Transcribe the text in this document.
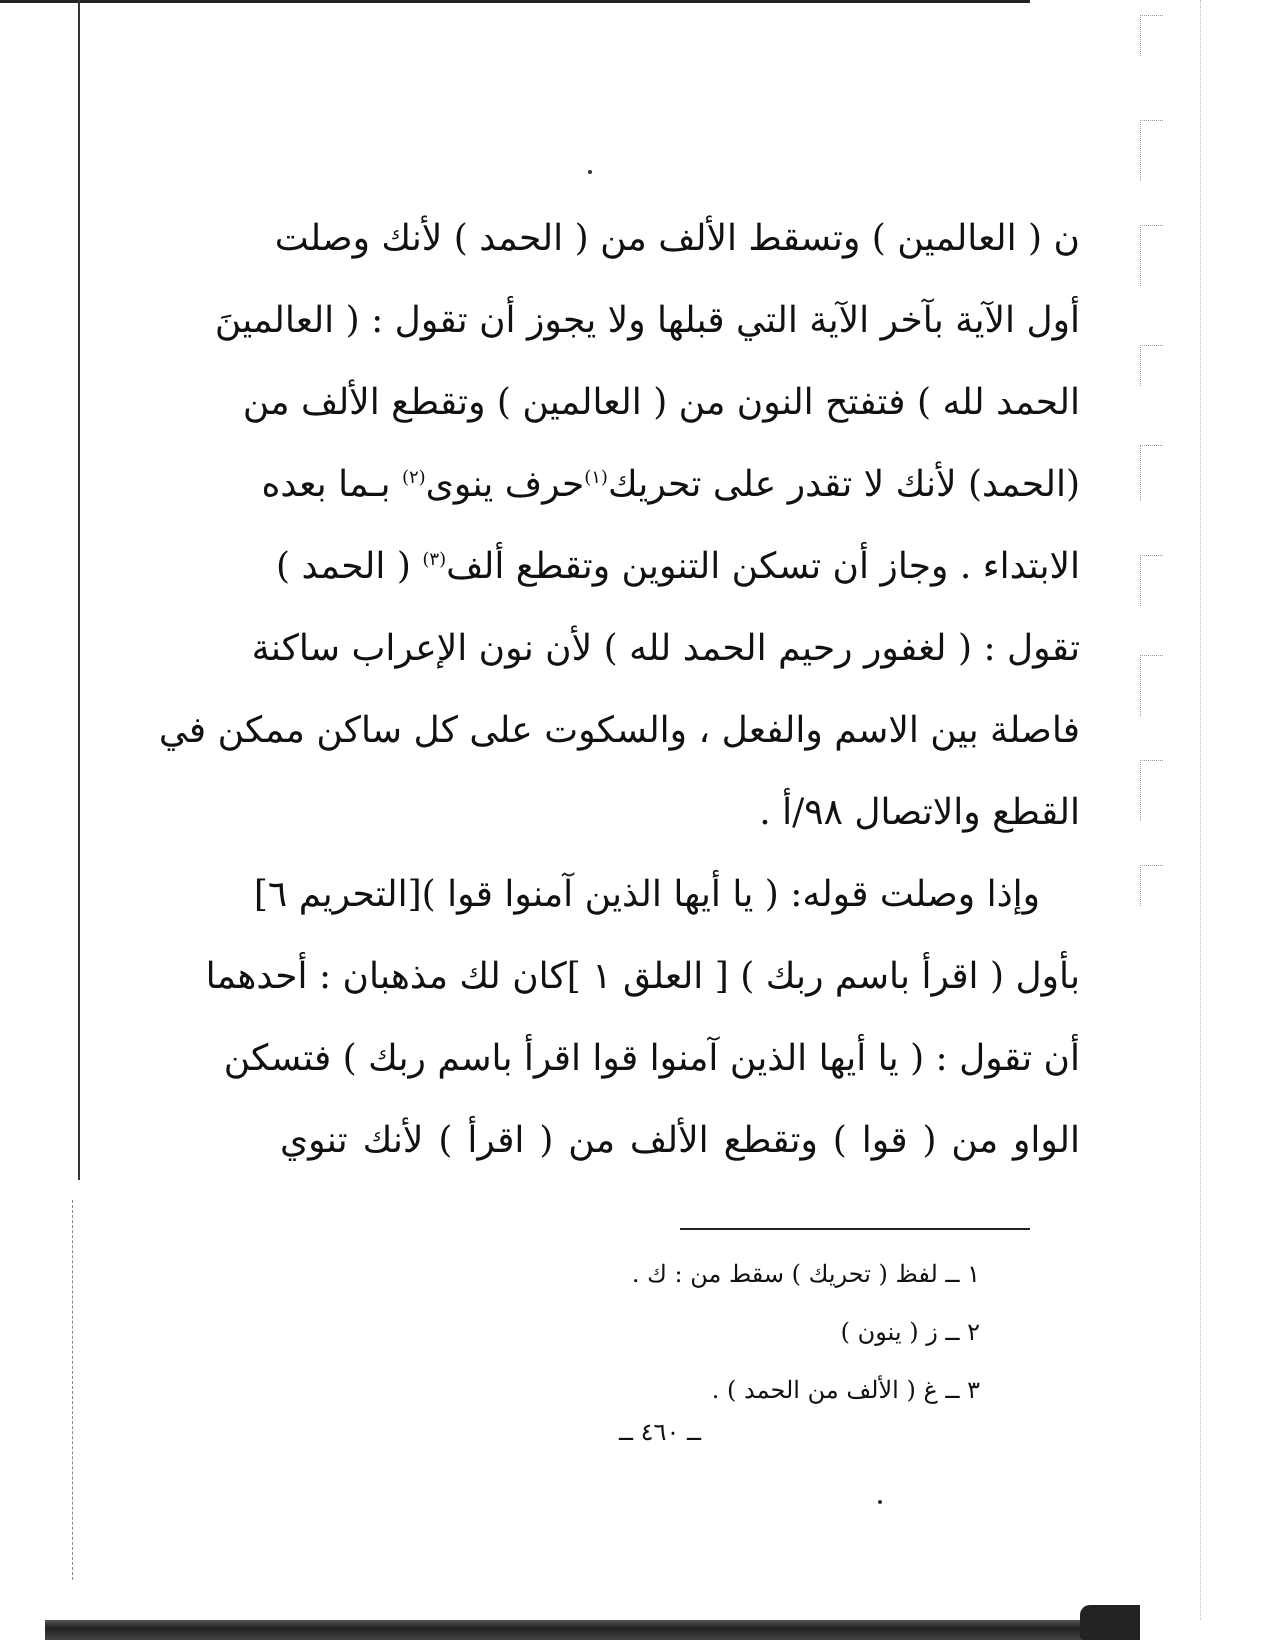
ن ( العالمين ) وتسقط الألف من ( الحمد ) لأنك وصلت
أول الآية بآخر الآية التي قبلها ولا يجوز أن تقول : ( العالمينَ
الحمد لله ) فتفتح النون من ( العالمين ) وتقطع الألف من
(الحمد) لأنك لا تقدر على تحريك$^{(١)}$حرف ينوى$^{(٢)}$ بـما بعده
الابتداء . وجاز أن تسكن التنوين وتقطع ألف$^{(٣)}$ ( الحمد )
تقول : ( لغفور رحيم الحمد لله ) لأن نون الإعراب ساكنة
فاصلة بين الاسم والفعل ، والسكوت على كل ساكن ممكن في
القطع والاتصال ٩٨/أ .
وإذا وصلت قوله: ( يا أيها الذين آمنوا قوا )[التحريم ٦]
بأول ( اقرأ باسم ربك ) [ العلق ١ ]كان لك مذهبان : أحدهما
أن تقول : ( يا أيها الذين آمنوا قوا اقرأ باسم ربك ) فتسكن
الواو من ( قوا ) وتقطع الألف من ( اقرأ ) لأنك تنوي
١ ــ لفظ ( تحريك ) سقط من : ك .
٢ ــ ز ( ينون )
٣ ــ غ ( الألف من الحمد ) .
ــ ٤٦٠ ــ
